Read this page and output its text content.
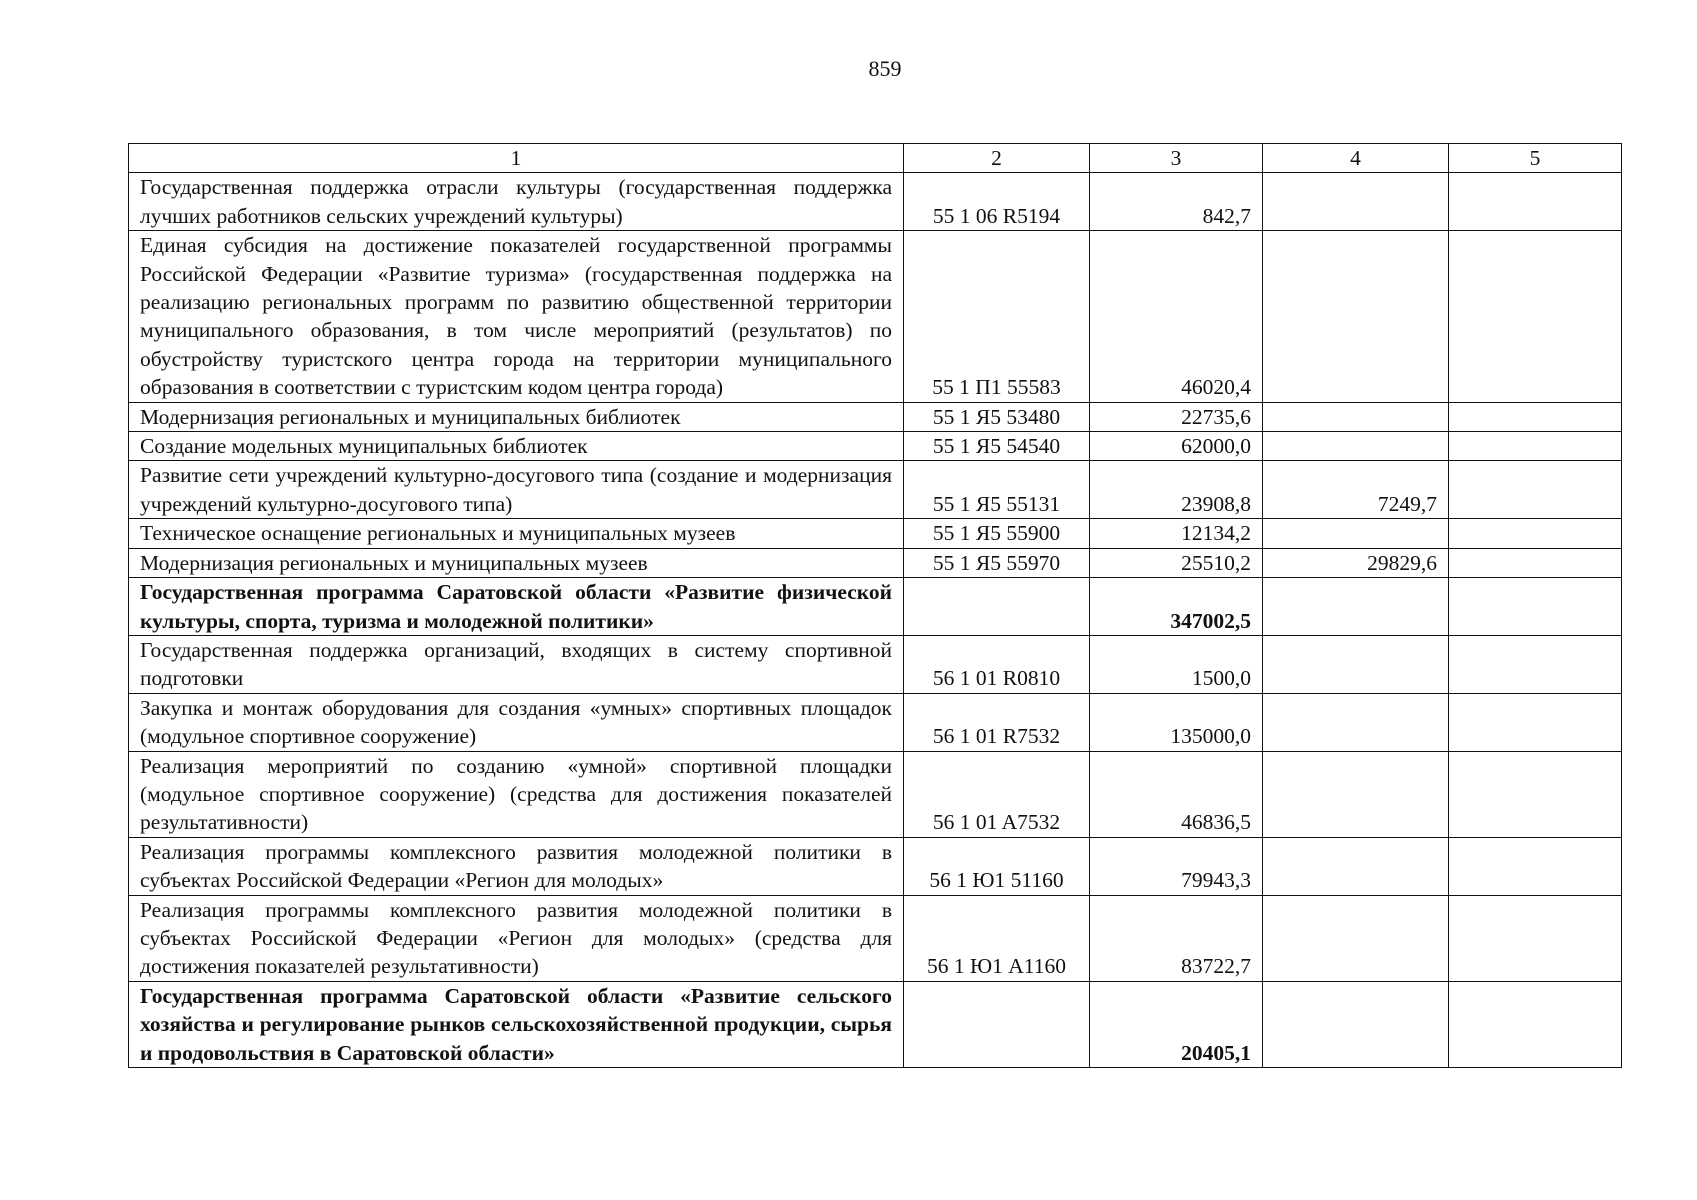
859
1	2	3	4	5
Государственная поддержка отрасли культуры (государственная поддержка лучших работников сельских учреждений культуры)	55 1 06 R5194	842,7		
Единая субсидия на достижение показателей государственной программы Российской Федерации «Развитие туризма» (государственная поддержка на реализацию региональных программ по развитию общественной территории муниципального образования, в том числе мероприятий (результатов) по обустройству туристского центра города на территории муниципального образования в соответствии с туристским кодом центра города)	55 1 П1 55583	46020,4		
Модернизация региональных и муниципальных библиотек	55 1 Я5 53480	22735,6		
Создание модельных муниципальных библиотек	55 1 Я5 54540	62000,0		
Развитие сети учреждений культурно-досугового типа (создание и модернизация учреждений культурно-досугового типа)	55 1 Я5 55131	23908,8	7249,7	
Техническое оснащение региональных и муниципальных музеев	55 1 Я5 55900	12134,2		
Модернизация региональных и муниципальных музеев	55 1 Я5 55970	25510,2	29829,6	
Государственная программа Саратовской области «Развитие физической культуры, спорта, туризма и молодежной политики»		347002,5		
Государственная поддержка организаций, входящих в систему спортивной подготовки	56 1 01 R0810	1500,0		
Закупка и монтаж оборудования для создания «умных» спортивных площадок (модульное спортивное сооружение)	56 1 01 R7532	135000,0		
Реализация мероприятий по созданию «умной» спортивной площадки (модульное спортивное сооружение) (средства для достижения показателей результативности)	56 1 01 A7532	46836,5		
Реализация программы комплексного развития молодежной политики в субъектах Российской Федерации «Регион для молодых»	56 1 Ю1 51160	79943,3		
Реализация программы комплексного развития молодежной политики в субъектах Российской Федерации «Регион для молодых» (средства для достижения показателей результативности)	56 1 Ю1 A1160	83722,7		
Государственная программа Саратовской области «Развитие сельского хозяйства и регулирование рынков сельскохозяйственной продукции, сырья и продовольствия в Саратовской области»		20405,1		
